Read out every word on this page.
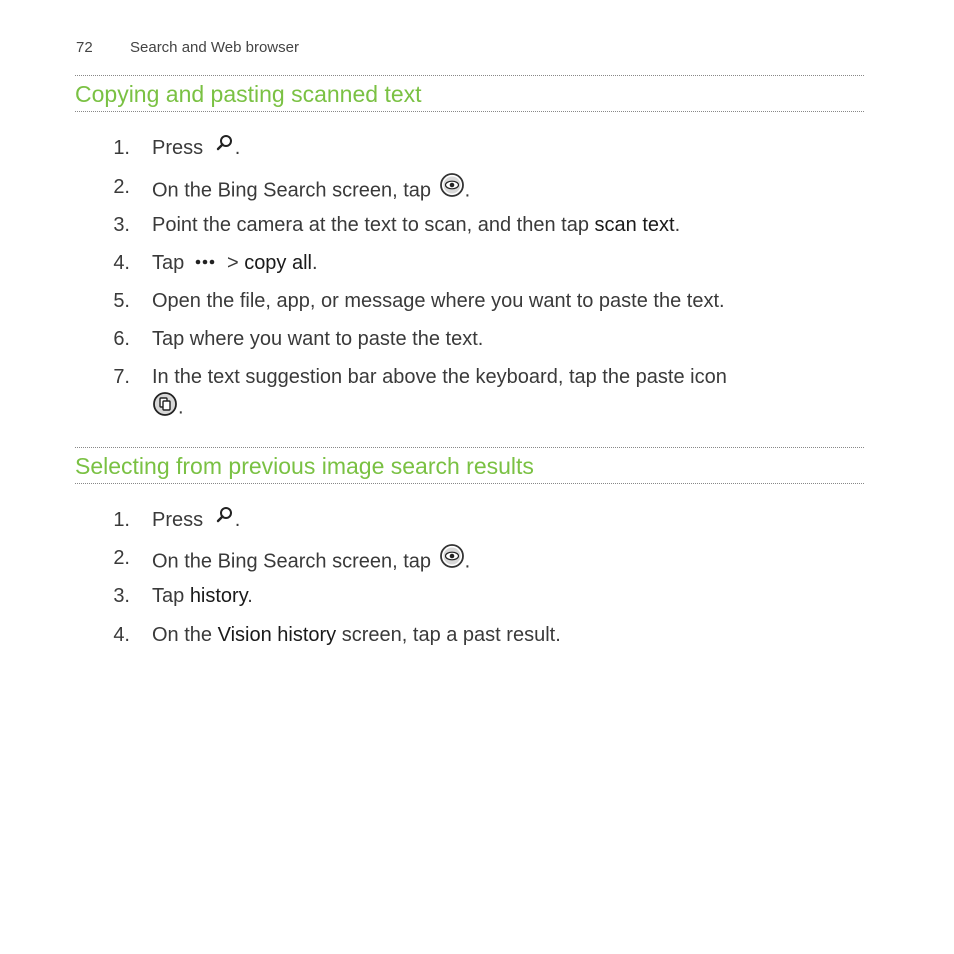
72 Search and Web browser
Copying and pasting scanned text
1. Press .
2. On the Bing Search screen, tap .
3. Point the camera at the text to scan, and then tap scan text.
4. Tap > copy all.
5. Open the file, app, or message where you want to paste the text.
6. Tap where you want to paste the text.
7. In the text suggestion bar above the keyboard, tap the paste icon
.
Selecting from previous image search results
1. Press .
2. On the Bing Search screen, tap .
3. Tap history.
4. On the Vision history screen, tap a past result.
